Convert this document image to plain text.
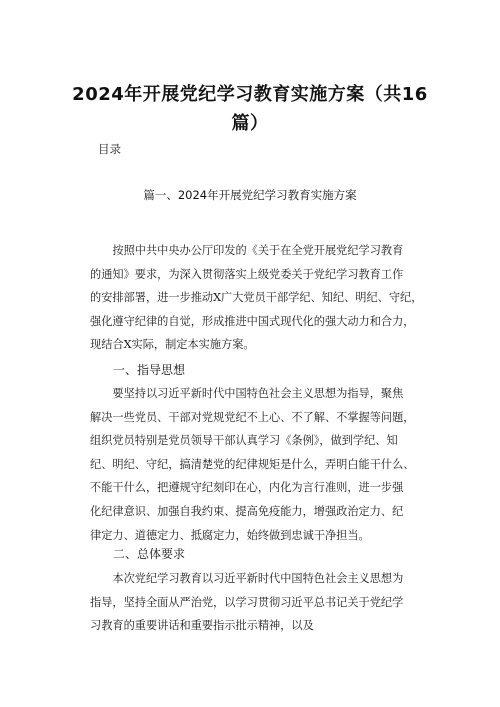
2024年开展党纪学习教育实施方案（共16
篇）
目录
篇一、2024年开展党纪学习教育实施方案
　　按照中共中央办公厅印发的《关于在全党开展党纪学习教育
的通知》要求，为深入贯彻落实上级党委关于党纪学习教育工作
的安排部署，进一步推动X广大党员干部学纪、知纪、明纪、守纪，
强化遵守纪律的自觉，形成推进中国式现代化的强大动力和合力，
现结合X实际，制定本实施方案。
一、指导思想
　　要坚持以习近平新时代中国特色社会主义思想为指导，聚焦
解决一些党员、干部对党规党纪不上心、不了解、不掌握等问题，
组织党员特别是党员领导干部认真学习《条例》，做到学纪、知
纪、明纪、守纪，搞清楚党的纪律规矩是什么，弄明白能干什么、
不能干什么，把遵规守纪刻印在心，内化为言行准则，进一步强
化纪律意识、加强自我约束、提高免疫能力，增强政治定力、纪
律定力、道德定力、抵腐定力，始终做到忠诚干净担当。
二、总体要求
　　本次党纪学习教育以习近平新时代中国特色社会主义思想为
指导，坚持全面从严治党，以学习贯彻习近平总书记关于党纪学
习教育的重要讲话和重要指示批示精神，以及
